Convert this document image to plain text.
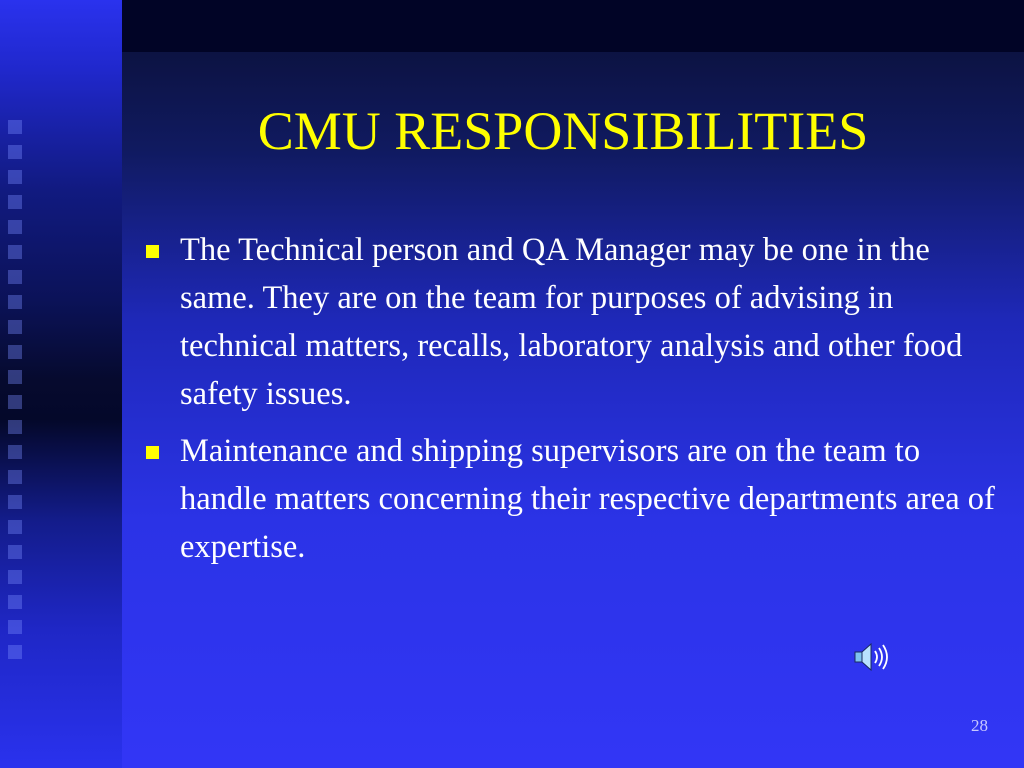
CMU RESPONSIBILITIES
The Technical person and QA Manager may be one in the same. They are on the team for purposes of advising in technical matters, recalls, laboratory analysis and other food safety issues.
Maintenance and shipping supervisors are on the team to handle matters concerning their respective departments area of expertise.
28
